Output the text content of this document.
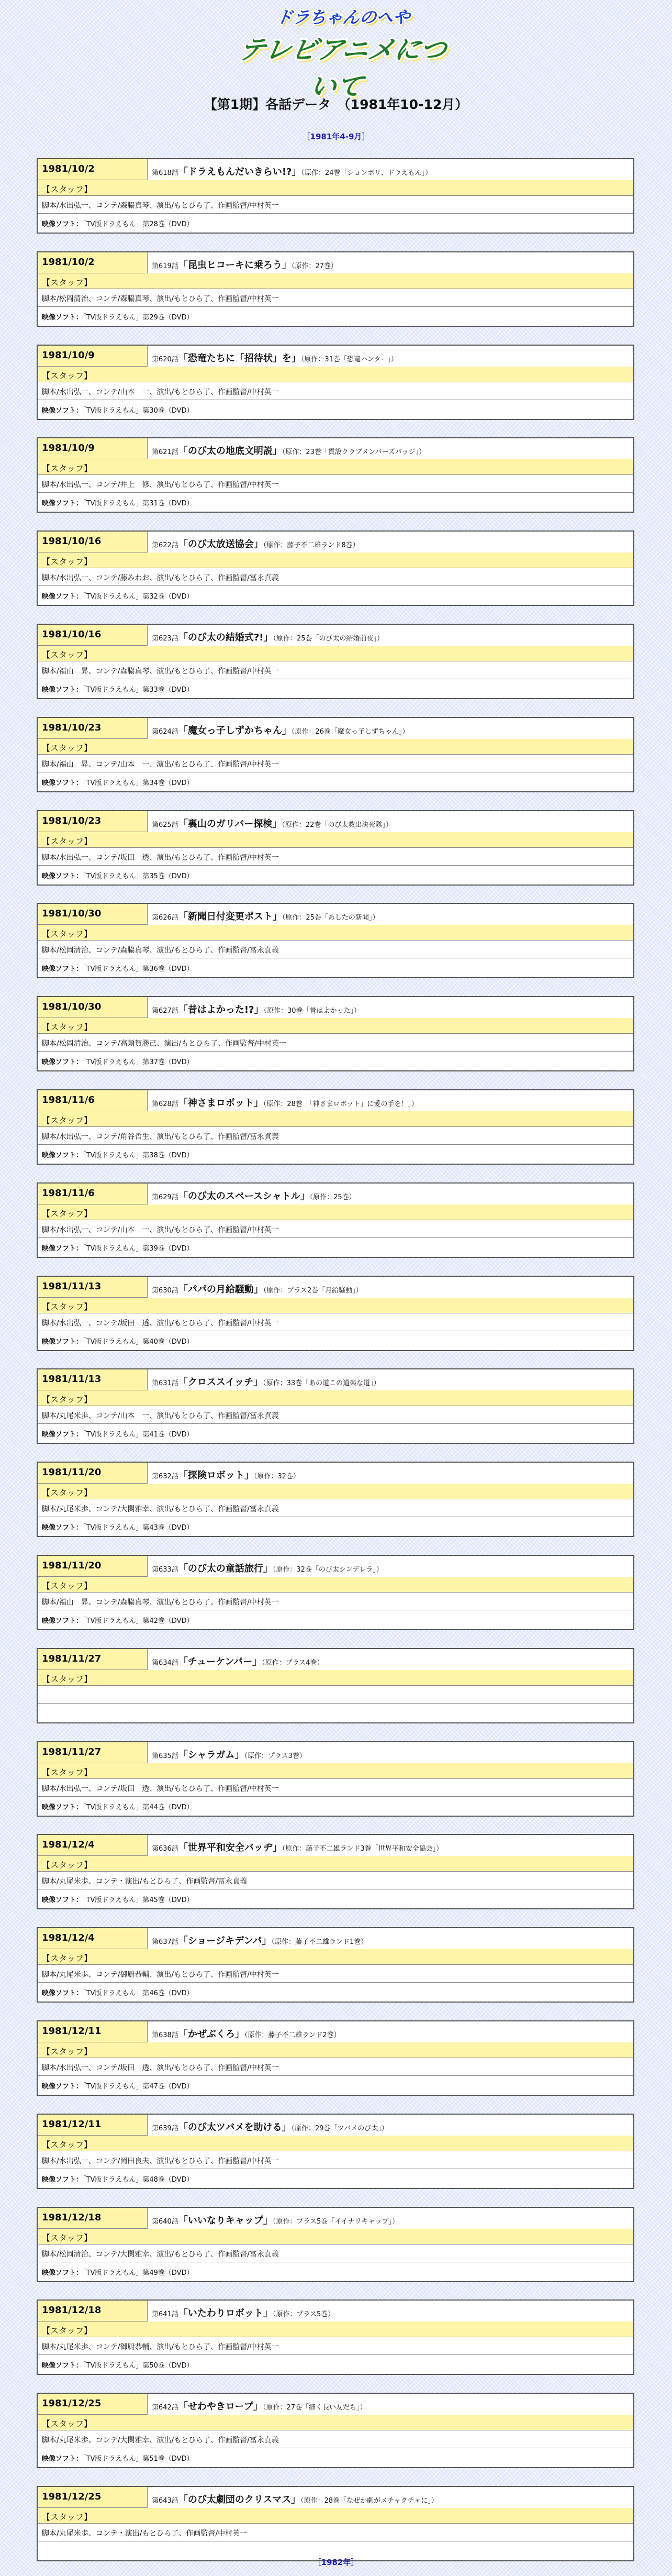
ドラちゃんのへや
テレビアニメについて
【第1期】各話データ　（1981年10-12月）
［1981年4-9月］
1981/10/2	第618話「ドラえもんだいきらい!?」（原作：24巻「ションボリ、ドラえもん」）
【スタッフ】
脚本/水出弘一、コンテ/森脇真琴、演出/もとひら了、作画監督/中村英一
映像ソフト：「TV版ドラえもん」第28巻（DVD）
1981/10/2	第619話「昆虫ヒコーキに乗ろう」（原作：27巻）
【スタッフ】
脚本/松岡清治、コンテ/森脇真琴、演出/もとひら了、作画監督/中村英一
映像ソフト：「TV版ドラえもん」第29巻（DVD）
1981/10/9	第620話「恐竜たちに「招待状」を」（原作：31巻「恐竜ハンター」）
【スタッフ】
脚本/水出弘一、コンテ/山本　一、演出/もとひら了、作画監督/中村英一
映像ソフト：「TV版ドラえもん」第30巻（DVD）
1981/10/9	第621話「のび太の地底文明説」（原作：23巻「貫設クラブメンバーズバッジ」）
【スタッフ】
脚本/水出弘一、コンテ/井上　修、演出/もとひら了、作画監督/中村英一
映像ソフト：「TV版ドラえもん」第31巻（DVD）
1981/10/16	第622話「のび太放送協会」（原作：藤子不二雄ランド8巻）
【スタッフ】
脚本/水出弘一、コンテ/藤みわお、演出/もとひら了、作画監督/冨永貞義
映像ソフト：「TV版ドラえもん」第32巻（DVD）
1981/10/16	第623話「のび太の結婚式?!」（原作：25巻「のび太の結婚前夜」）
【スタッフ】
脚本/福山　昇、コンテ/森脇真琴、演出/もとひら了、作画監督/中村英一
映像ソフト：「TV版ドラえもん」第33巻（DVD）
1981/10/23	第624話「魔女っ子しずかちゃん」（原作：26巻「魔女っ子しずちゃん」）
【スタッフ】
脚本/福山　昇、コンテ/山本　一、演出/もとひら了、作画監督/中村英一
映像ソフト：「TV版ドラえもん」第34巻（DVD）
1981/10/23	第625話「裏山のガリバー探検」（原作：22巻「のび太救出決死隊」）
【スタッフ】
脚本/水出弘一、コンテ/坂田　透、演出/もとひら了、作画監督/中村英一
映像ソフト：「TV版ドラえもん」第35巻（DVD）
1981/10/30	第626話「新聞日付変更ポスト」（原作：25巻「あしたの新聞」）
【スタッフ】
脚本/松岡清治、コンテ/森脇真琴、演出/もとひら了、作画監督/冨永貞義
映像ソフト：「TV版ドラえもん」第36巻（DVD）
1981/10/30	第627話「昔はよかった!?」（原作：30巻「昔はよかった」）
【スタッフ】
脚本/松岡清治、コンテ/高須賀勝己、演出/もとひら了、作画監督/中村英一
映像ソフト：「TV版ドラえもん」第37巻（DVD）
1981/11/6	第628話「神さまロボット」（原作：28巻「「神さまロボット」に愛の手を！」）
【スタッフ】
脚本/水出弘一、コンテ/角谷哲生、演出/もとひら了、作画監督/冨永貞義
映像ソフト：「TV版ドラえもん」第38巻（DVD）
1981/11/6	第629話「のび太のスペースシャトル」（原作：25巻）
【スタッフ】
脚本/水出弘一、コンテ/山本　一、演出/もとひら了、作画監督/中村英一
映像ソフト：「TV版ドラえもん」第39巻（DVD）
1981/11/13	第630話「パパの月給騒動」（原作：プラス2巻「月給騒動」）
【スタッフ】
脚本/水出弘一、コンテ/坂田　透、演出/もとひら了、作画監督/中村英一
映像ソフト：「TV版ドラえもん」第40巻（DVD）
1981/11/13	第631話「クロススイッチ」（原作：33巻「あの道この道楽な道」）
【スタッフ】
脚本/丸尾米歩、コンテ/山本　一、演出/もとひら了、作画監督/冨永貞義
映像ソフト：「TV版ドラえもん」第41巻（DVD）
1981/11/20	第632話「探険ロボット」（原作：32巻）
【スタッフ】
脚本/丸尾米歩、コンテ/大関雅幸、演出/もとひら了、作画監督/冨永貞義
映像ソフト：「TV版ドラえもん」第43巻（DVD）
1981/11/20	第633話「のび太の童話旅行」（原作：32巻「のび太シンデレラ」）
【スタッフ】
脚本/福山　昇、コンテ/森脇真琴、演出/もとひら了、作画監督/中村英一
映像ソフト：「TV版ドラえもん」第42巻（DVD）
1981/11/27	第634話「チューケンパー」（原作：プラス4巻）
【スタッフ】
1981/11/27	第635話「シャラガム」（原作：プラス3巻）
【スタッフ】
脚本/水出弘一、コンテ/坂田　透、演出/もとひら了、作画監督/中村英一
映像ソフト：「TV版ドラえもん」第44巻（DVD）
1981/12/4	第636話「世界平和安全バッヂ」（原作：藤子不二雄ランド3巻「世界平和安全協会」）
【スタッフ】
脚本/丸尾米歩、コンテ・演出/もとひら了、作画監督/冨永貞義
映像ソフト：「TV版ドラえもん」第45巻（DVD）
1981/12/4	第637話「ショージキデンパ」（原作：藤子不二雄ランド1巻）
【スタッフ】
脚本/丸尾米歩、コンテ/御厨恭輔、演出/もとひら了、作画監督/中村英一
映像ソフト：「TV版ドラえもん」第46巻（DVD）
1981/12/11	第638話「かぜぶくろ」（原作：藤子不二雄ランド2巻）
【スタッフ】
脚本/水出弘一、コンテ/坂田　透、演出/もとひら了、作画監督/中村英一
映像ソフト：「TV版ドラえもん」第47巻（DVD）
1981/12/11	第639話「のび太ツバメを助ける」（原作：29巻「ツバメのび太」）
【スタッフ】
脚本/水出弘一、コンテ/岡田良夫、演出/もとひら了、作画監督/中村英一
映像ソフト：「TV版ドラえもん」第48巻（DVD）
1981/12/18	第640話「いいなりキャップ」（原作：プラス5巻「イイナリキャップ」）
【スタッフ】
脚本/松岡清治、コンテ/大関雅幸、演出/もとひら了、作画監督/冨永貞義
映像ソフト：「TV版ドラえもん」第49巻（DVD）
1981/12/18	第641話「いたわりロボット」（原作：プラス5巻）
【スタッフ】
脚本/丸尾米歩、コンテ/御厨恭輔、演出/もとひら了、作画監督/中村英一
映像ソフト：「TV版ドラえもん」第50巻（DVD）
1981/12/25	第642話「せわやきロープ」（原作：27巻「細く長い友だち」）
【スタッフ】
脚本/丸尾米歩、コンテ/大関雅幸、演出/もとひら了、作画監督/冨永貞義
映像ソフト：「TV版ドラえもん」第51巻（DVD）
1981/12/25	第643話「のび太劇団のクリスマス」（原作：28巻「なぜか劇がメチャクチャに」）
【スタッフ】
脚本/丸尾米歩、コンテ・演出/もとひら了、作画監督/中村英一
［1982年］
